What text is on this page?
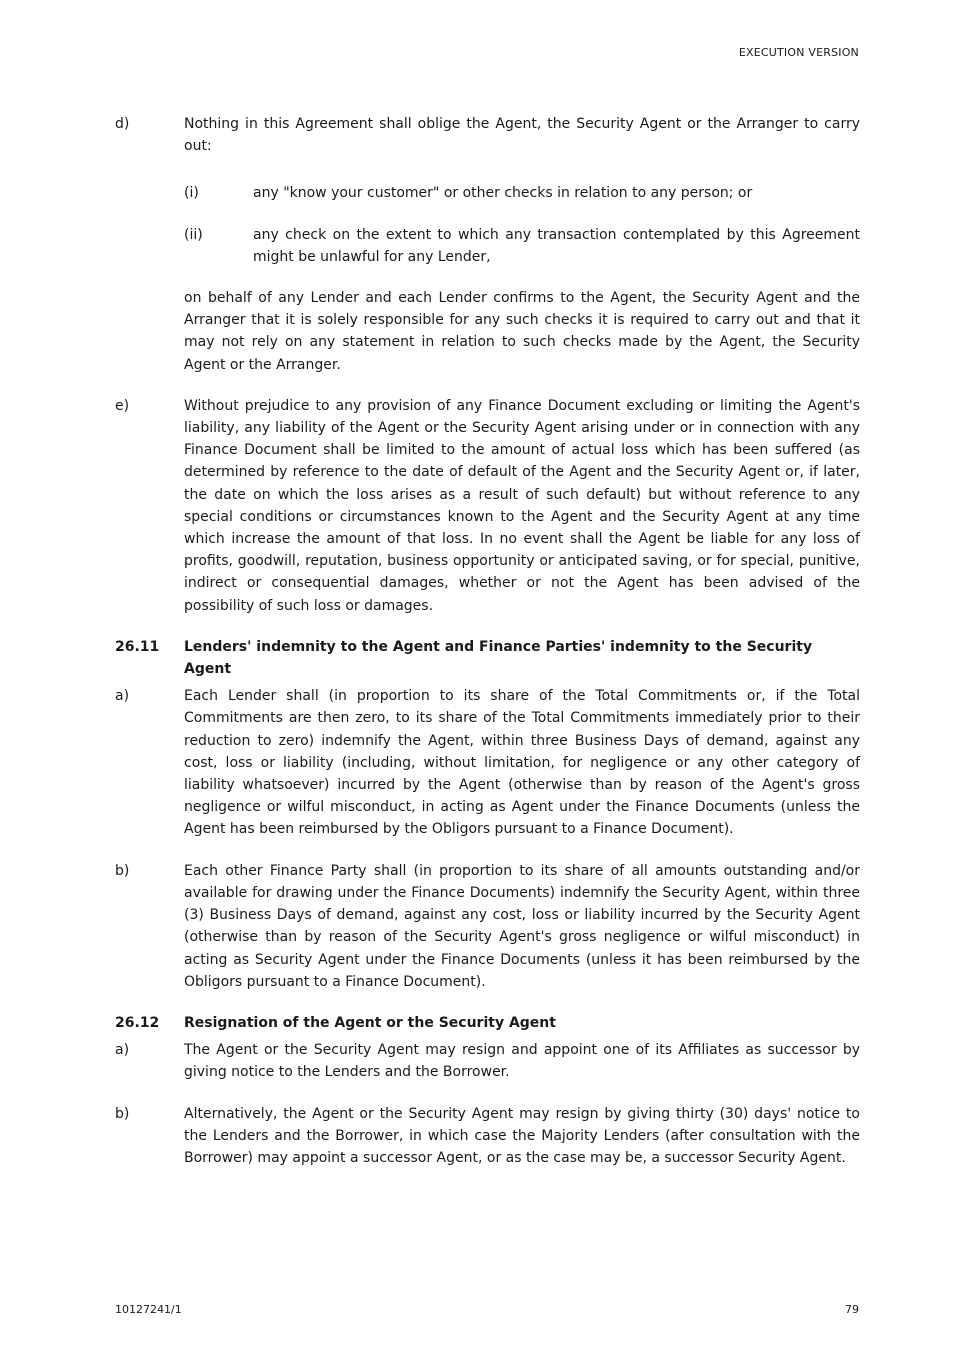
EXECUTION VERSION
d)	Nothing in this Agreement shall oblige the Agent, the Security Agent or the Arranger to carry out:
(i)	any "know your customer" or other checks in relation to any person; or
(ii)	any check on the extent to which any transaction contemplated by this Agreement might be unlawful for any Lender,
on behalf of any Lender and each Lender confirms to the Agent, the Security Agent and the Arranger that it is solely responsible for any such checks it is required to carry out and that it may not rely on any statement in relation to such checks made by the Agent, the Security Agent or the Arranger.
e)	Without prejudice to any provision of any Finance Document excluding or limiting the Agent's liability, any liability of the Agent or the Security Agent arising under or in connection with any Finance Document shall be limited to the amount of actual loss which has been suffered (as determined by reference to the date of default of the Agent and the Security Agent or, if later, the date on which the loss arises as a result of such default) but without reference to any special conditions or circumstances known to the Agent and the Security Agent at any time which increase the amount of that loss. In no event shall the Agent be liable for any loss of profits, goodwill, reputation, business opportunity or anticipated saving, or for special, punitive, indirect or consequential damages, whether or not the Agent has been advised of the possibility of such loss or damages.
26.11	Lenders' indemnity to the Agent and Finance Parties' indemnity to the Security Agent
a)	Each Lender shall (in proportion to its share of the Total Commitments or, if the Total Commitments are then zero, to its share of the Total Commitments immediately prior to their reduction to zero) indemnify the Agent, within three Business Days of demand, against any cost, loss or liability (including, without limitation, for negligence or any other category of liability whatsoever) incurred by the Agent (otherwise than by reason of the Agent's gross negligence or wilful misconduct, in acting as Agent under the Finance Documents (unless the Agent has been reimbursed by the Obligors pursuant to a Finance Document).
b)	Each other Finance Party shall (in proportion to its share of all amounts outstanding and/or available for drawing under the Finance Documents) indemnify the Security Agent, within three (3) Business Days of demand, against any cost, loss or liability incurred by the Security Agent (otherwise than by reason of the Security Agent's gross negligence or wilful misconduct) in acting as Security Agent under the Finance Documents (unless it has been reimbursed by the Obligors pursuant to a Finance Document).
26.12	Resignation of the Agent or the Security Agent
a)	The Agent or the Security Agent may resign and appoint one of its Affiliates as successor by giving notice to the Lenders and the Borrower.
b)	Alternatively, the Agent or the Security Agent may resign by giving thirty (30) days' notice to the Lenders and the Borrower, in which case the Majority Lenders (after consultation with the Borrower) may appoint a successor Agent, or as the case may be, a successor Security Agent.
10127241/1	79
